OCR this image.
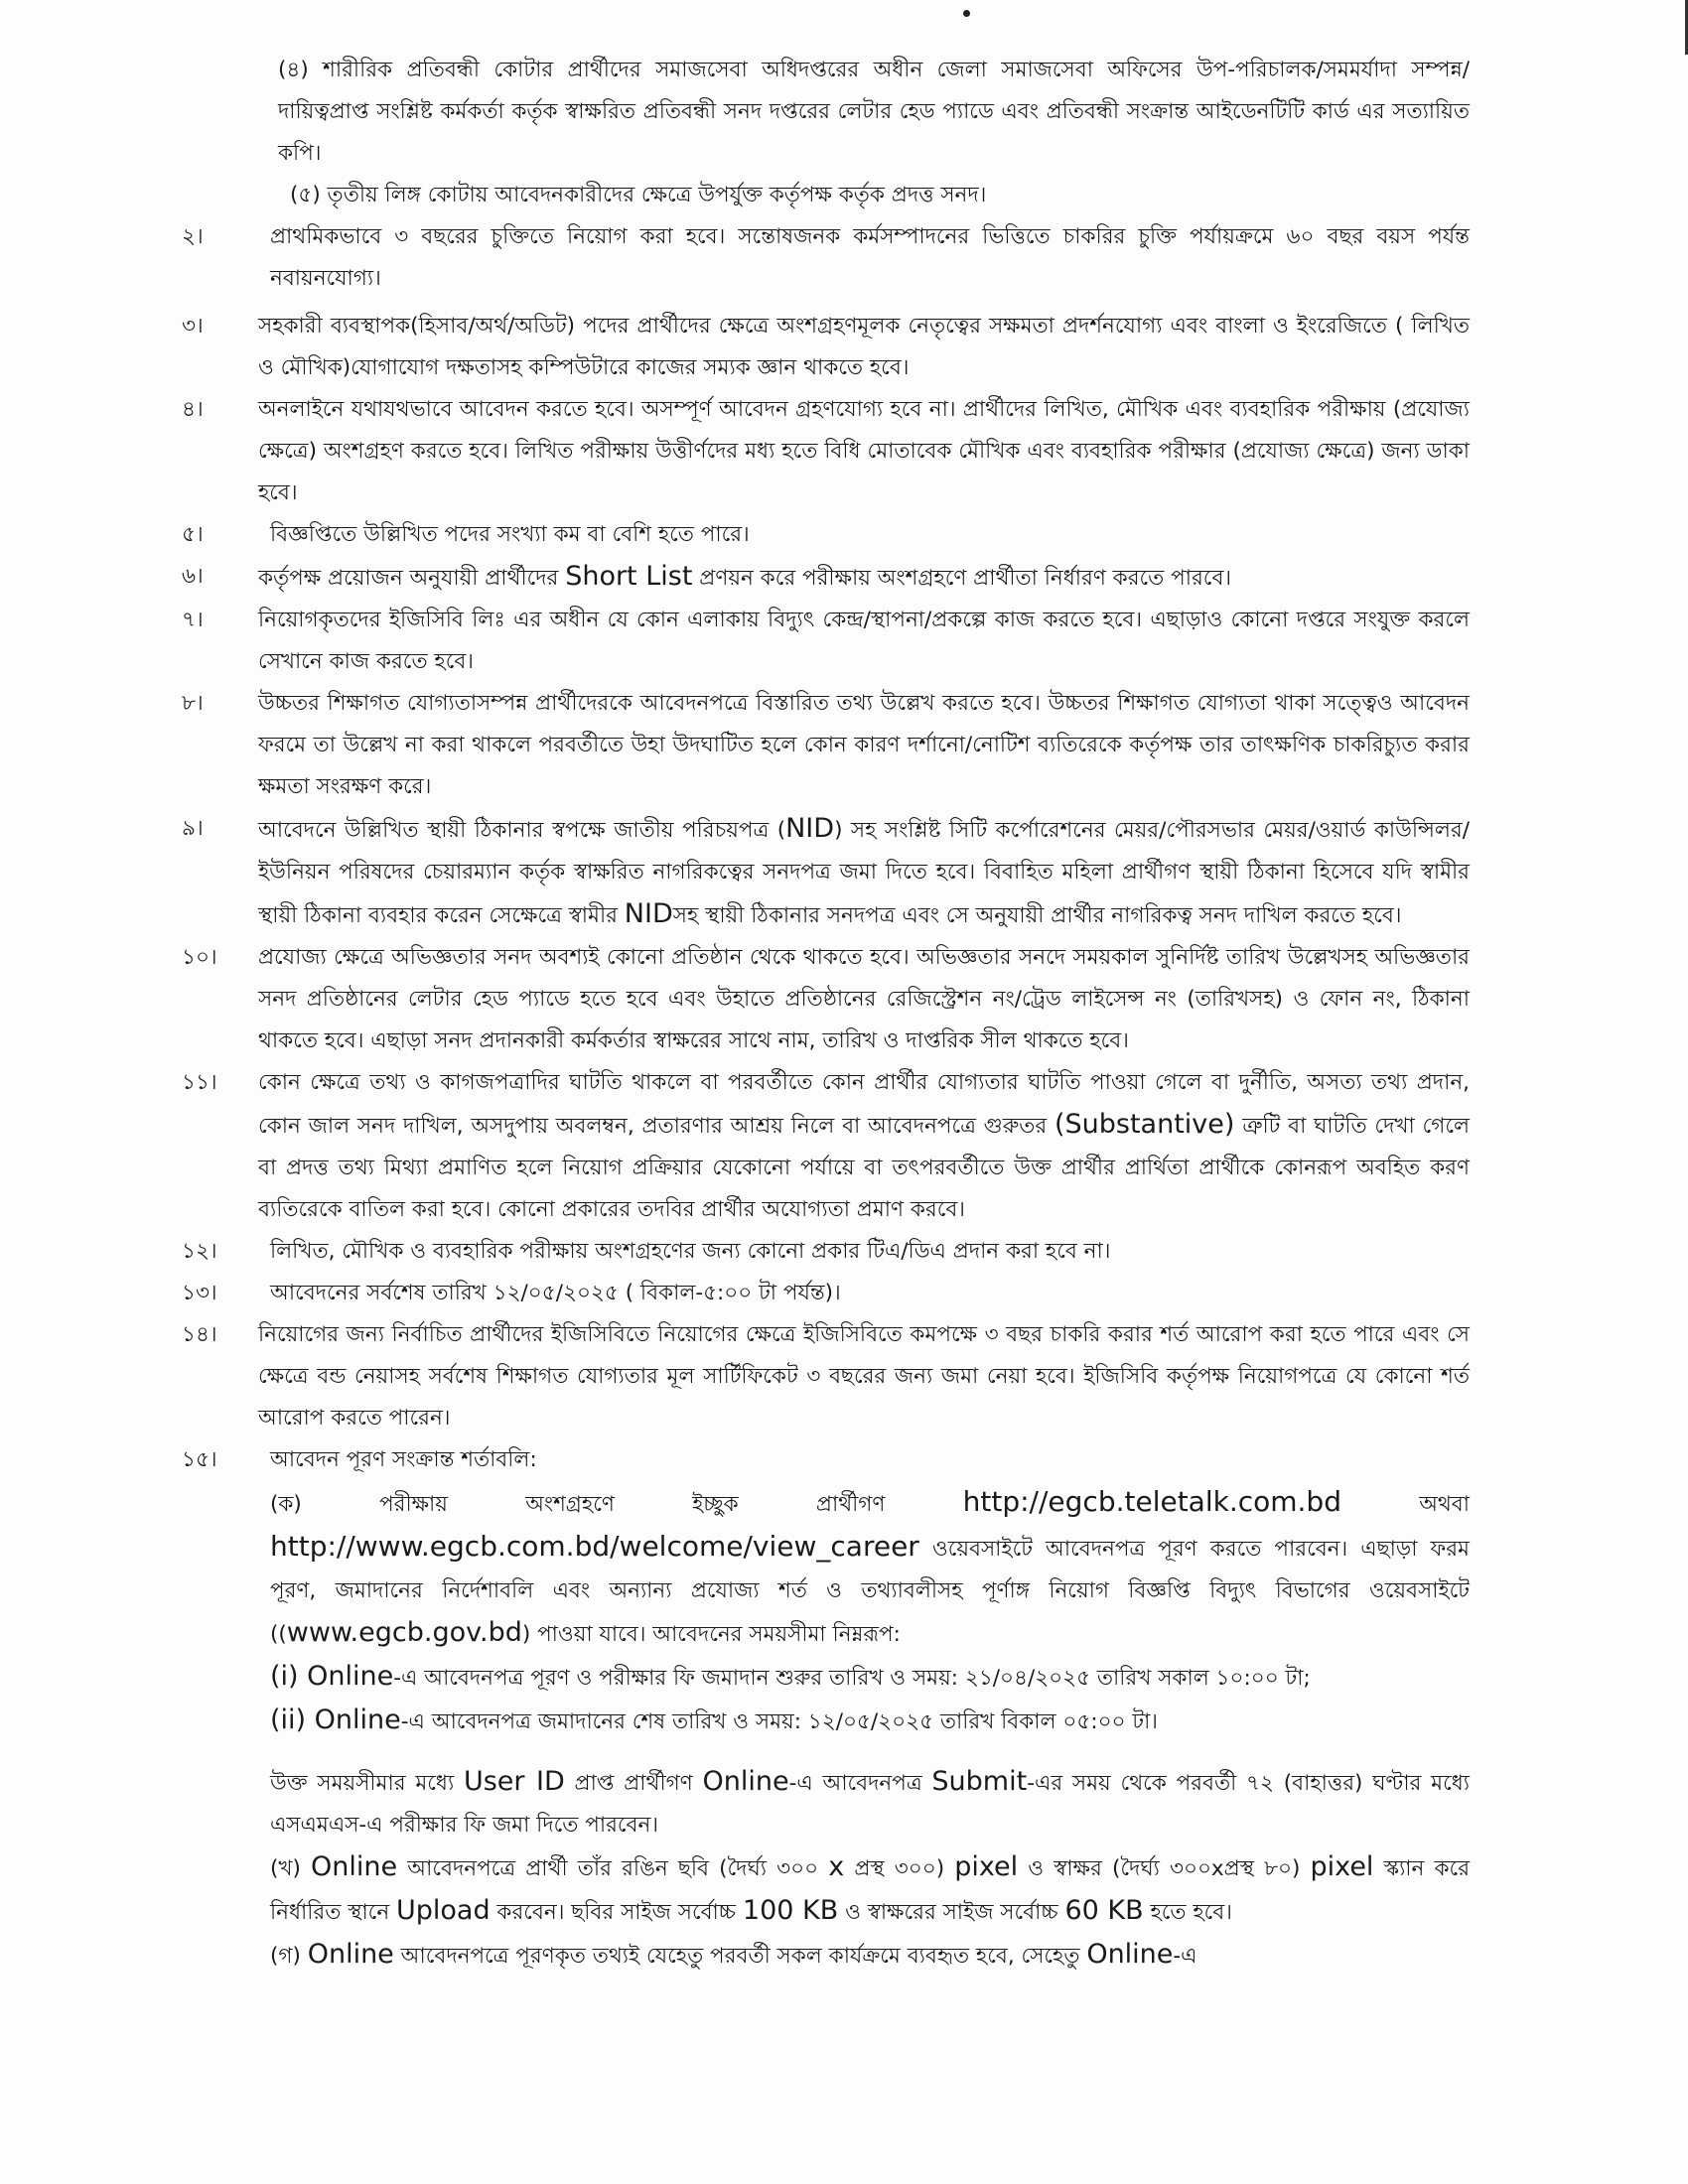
(৪) শারীরিক প্রতিবন্ধী কোটার প্রার্থীদের সমাজসেবা অধিদপ্তরের অধীন জেলা সমাজসেবা অফিসের উপ-পরিচালক/সমমর্যাদা সম্পন্ন/দায়িত্বপ্রাপ্ত সংশ্লিষ্ট কর্মকর্তা কর্তৃক স্বাক্ষরিত প্রতিবন্ধী সনদ দপ্তরের লেটার হেড প্যাডে এবং প্রতিবন্ধী সংক্রান্ত আইডেনটিটি কার্ড এর সত্যায়িত কপি।
(৫) তৃতীয় লিঙ্গ কোটায় আবেদনকারীদের ক্ষেত্রে উপর্যুক্ত কর্তৃপক্ষ কর্তৃক প্রদত্ত সনদ।
২।	প্রাথমিকভাবে ৩ বছরের চুক্তিতে নিয়োগ করা হবে। সন্তোষজনক কর্মসম্পাদনের ভিত্তিতে চাকরির চুক্তি পর্যায়ক্রমে ৬০ বছর বয়স পর্যন্ত নবায়নযোগ্য।
৩।	সহকারী ব্যবস্থাপক(হিসাব/অর্থ/অডিট) পদের প্রার্থীদের ক্ষেত্রে অংশগ্রহণমূলক নেতৃত্বের সক্ষমতা প্রদর্শনযোগ্য এবং বাংলা ও ইংরেজিতে ( লিখিত ও মৌখিক)যোগাযোগ দক্ষতাসহ কম্পিউটারে কাজের সম্যক জ্ঞান থাকতে হবে।
৪।	অনলাইনে যথাযথভাবে আবেদন করতে হবে। অসম্পূর্ণ আবেদন গ্রহণযোগ্য হবে না। প্রার্থীদের লিখিত, মৌখিক এবং ব্যবহারিক পরীক্ষায় (প্রযোজ্য ক্ষেত্রে) অংশগ্রহণ করতে হবে। লিখিত পরীক্ষায় উত্তীর্ণদের মধ্য হতে বিধি মোতাবেক মৌখিক এবং ব্যবহারিক পরীক্ষার (প্রযোজ্য ক্ষেত্রে) জন্য ডাকা হবে।
৫।	বিজ্ঞপ্তিতে উল্লিখিত পদের সংখ্যা কম বা বেশি হতে পারে।
৬।	কর্তৃপক্ষ প্রয়োজন অনুযায়ী প্রার্থীদের Short List প্রণয়ন করে পরীক্ষায় অংশগ্রহণে প্রার্থীতা নির্ধারণ করতে পারবে।
৭।	নিয়োগকৃতদের ইজিসিবি লিঃ এর অধীন যে কোন এলাকায় বিদ্যুৎ কেন্দ্র/স্থাপনা/প্রকল্পে কাজ করতে হবে। এছাড়াও কোনো দপ্তরে সংযুক্ত করলে সেখানে কাজ করতে হবে।
৮।	উচ্চতর শিক্ষাগত যোগ্যতাসম্পন্ন প্রার্থীদেরকে আবেদনপত্রে বিস্তারিত তথ্য উল্লেখ করতে হবে। উচ্চতর শিক্ষাগত যোগ্যতা থাকা সত্ত্বেও আবেদন ফরমে তা উল্লেখ না করা থাকলে পরবর্তীতে উহা উদঘাটিত হলে কোন কারণ দর্শানো/নোটিশ ব্যতিরেকে কর্তৃপক্ষ তার তাৎক্ষণিক চাকরিচ্যুত করার ক্ষমতা সংরক্ষণ করে।
৯।	আবেদনে উল্লিখিত স্থায়ী ঠিকানার স্বপক্ষে জাতীয় পরিচয়পত্র (NID) সহ সংশ্লিষ্ট সিটি কর্পোরেশনের মেয়র/পৌরসভার মেয়র/ওয়ার্ড কাউন্সিলর/ইউনিয়ন পরিষদের চেয়ারম্যান কর্তৃক স্বাক্ষরিত নাগরিকত্বের সনদপত্র জমা দিতে হবে। বিবাহিত মহিলা প্রার্থীগণ স্থায়ী ঠিকানা হিসেবে যদি স্বামীর স্থায়ী ঠিকানা ব্যবহার করেন সেক্ষেত্রে স্বামীর NIDসহ স্থায়ী ঠিকানার সনদপত্র এবং সে অনুযায়ী প্রার্থীর নাগরিকত্ব সনদ দাখিল করতে হবে।
১০।	প্রযোজ্য ক্ষেত্রে অভিজ্ঞতার সনদ অবশ্যই কোনো প্রতিষ্ঠান থেকে থাকতে হবে। অভিজ্ঞতার সনদে সময়কাল সুনির্দিষ্ট তারিখ উল্লেখসহ অভিজ্ঞতার সনদ প্রতিষ্ঠানের লেটার হেড প্যাডে হতে হবে এবং উহাতে প্রতিষ্ঠানের রেজিস্ট্রেশন নং/ট্রেড লাইসেন্স নং (তারিখসহ) ও ফোন নং, ঠিকানা থাকতে হবে। এছাড়া সনদ প্রদানকারী কর্মকর্তার স্বাক্ষরের সাথে নাম, তারিখ ও দাপ্তরিক সীল থাকতে হবে।
১১।	কোন ক্ষেত্রে তথ্য ও কাগজপত্রাদির ঘাটতি থাকলে বা পরবর্তীতে কোন প্রার্থীর যোগ্যতার ঘাটতি পাওয়া গেলে বা দুর্নীতি, অসত্য তথ্য প্রদান, কোন জাল সনদ দাখিল, অসদুপায় অবলম্বন, প্রতারণার আশ্রয় নিলে বা আবেদনপত্রে গুরুতর (Substantive) ত্রুটি বা ঘাটতি দেখা গেলে বা প্রদত্ত তথ্য মিথ্যা প্রমাণিত হলে নিয়োগ প্রক্রিয়ার যেকোনো পর্যায়ে বা তৎপরবর্তীতে উক্ত প্রার্থীর প্রার্থিতা প্রার্থীকে কোনরূপ অবহিত করণ ব্যতিরেকে বাতিল করা হবে। কোনো প্রকারের তদবির প্রার্থীর অযোগ্যতা প্রমাণ করবে।
১২।	লিখিত, মৌখিক ও ব্যবহারিক পরীক্ষায় অংশগ্রহণের জন্য কোনো প্রকার টিএ/ডিএ প্রদান করা হবে না।
১৩।	আবেদনের সর্বশেষ তারিখ ১২/০৫/২০২৫ ( বিকাল-৫:০০ টা পর্যন্ত)।
১৪।	নিয়োগের জন্য নির্বাচিত প্রার্থীদের ইজিসিবিতে নিয়োগের ক্ষেত্রে ইজিসিবিতে কমপক্ষে ৩ বছর চাকরি করার শর্ত আরোপ করা হতে পারে এবং সে ক্ষেত্রে বন্ড নেয়াসহ সর্বশেষ শিক্ষাগত যোগ্যতার মূল সার্টিফিকেট ৩ বছরের জন্য জমা নেয়া হবে। ইজিসিবি কর্তৃপক্ষ নিয়োগপত্রে যে কোনো শর্ত আরোপ করতে পারেন।
১৫।	আবেদন পূরণ সংক্রান্ত শর্তাবলি:
(ক) পরীক্ষায় অংশগ্রহণে ইচ্ছুক প্রার্থীগণ http://egcb.teletalk.com.bd অথবা http://www.egcb.com.bd/welcome/view_career ওয়েবসাইটে আবেদনপত্র পূরণ করতে পারবেন। এছাড়া ফরম পূরণ, জমাদানের নির্দেশাবলি এবং অন্যান্য প্রযোজ্য শর্ত ও তথ্যাবলীসহ পূর্ণাঙ্গ নিয়োগ বিজ্ঞপ্তি বিদ্যুৎ বিভাগের ওয়েবসাইটে ((www.egcb.gov.bd) পাওয়া যাবে। আবেদনের সময়সীমা নিম্নরূপ:
(i) Online-এ আবেদনপত্র পূরণ ও পরীক্ষার ফি জমাদান শুরুর তারিখ ও সময়: ২১/০৪/২০২৫ তারিখ সকাল ১০:০০ টা;
(ii) Online-এ আবেদনপত্র জমাদানের শেষ তারিখ ও সময়: ১২/০৫/২০২৫ তারিখ বিকাল ০৫:০০ টা।
উক্ত সময়সীমার মধ্যে User ID প্রাপ্ত প্রার্থীগণ Online-এ আবেদনপত্র Submit-এর সময় থেকে পরবর্তী ৭২ (বাহাত্তর) ঘণ্টার মধ্যে এসএমএস-এ পরীক্ষার ফি জমা দিতে পারবেন।
(খ) Online আবেদনপত্রে প্রার্থী তাঁর রঙিন ছবি (দৈর্ঘ্য ৩০০ x প্রস্থ ৩০০) pixel ও স্বাক্ষর (দৈর্ঘ্য ৩০০xপ্রস্থ ৮০) pixel স্ক্যান করে নির্ধারিত স্থানে Upload করবেন। ছবির সাইজ সর্বোচ্চ 100 KB ও স্বাক্ষরের সাইজ সর্বোচ্চ 60 KB হতে হবে।
(গ) Online আবেদনপত্রে পূরণকৃত তথ্যই যেহেতু পরবর্তী সকল কার্যক্রমে ব্যবহৃত হবে, সেহেতু Online-এ
